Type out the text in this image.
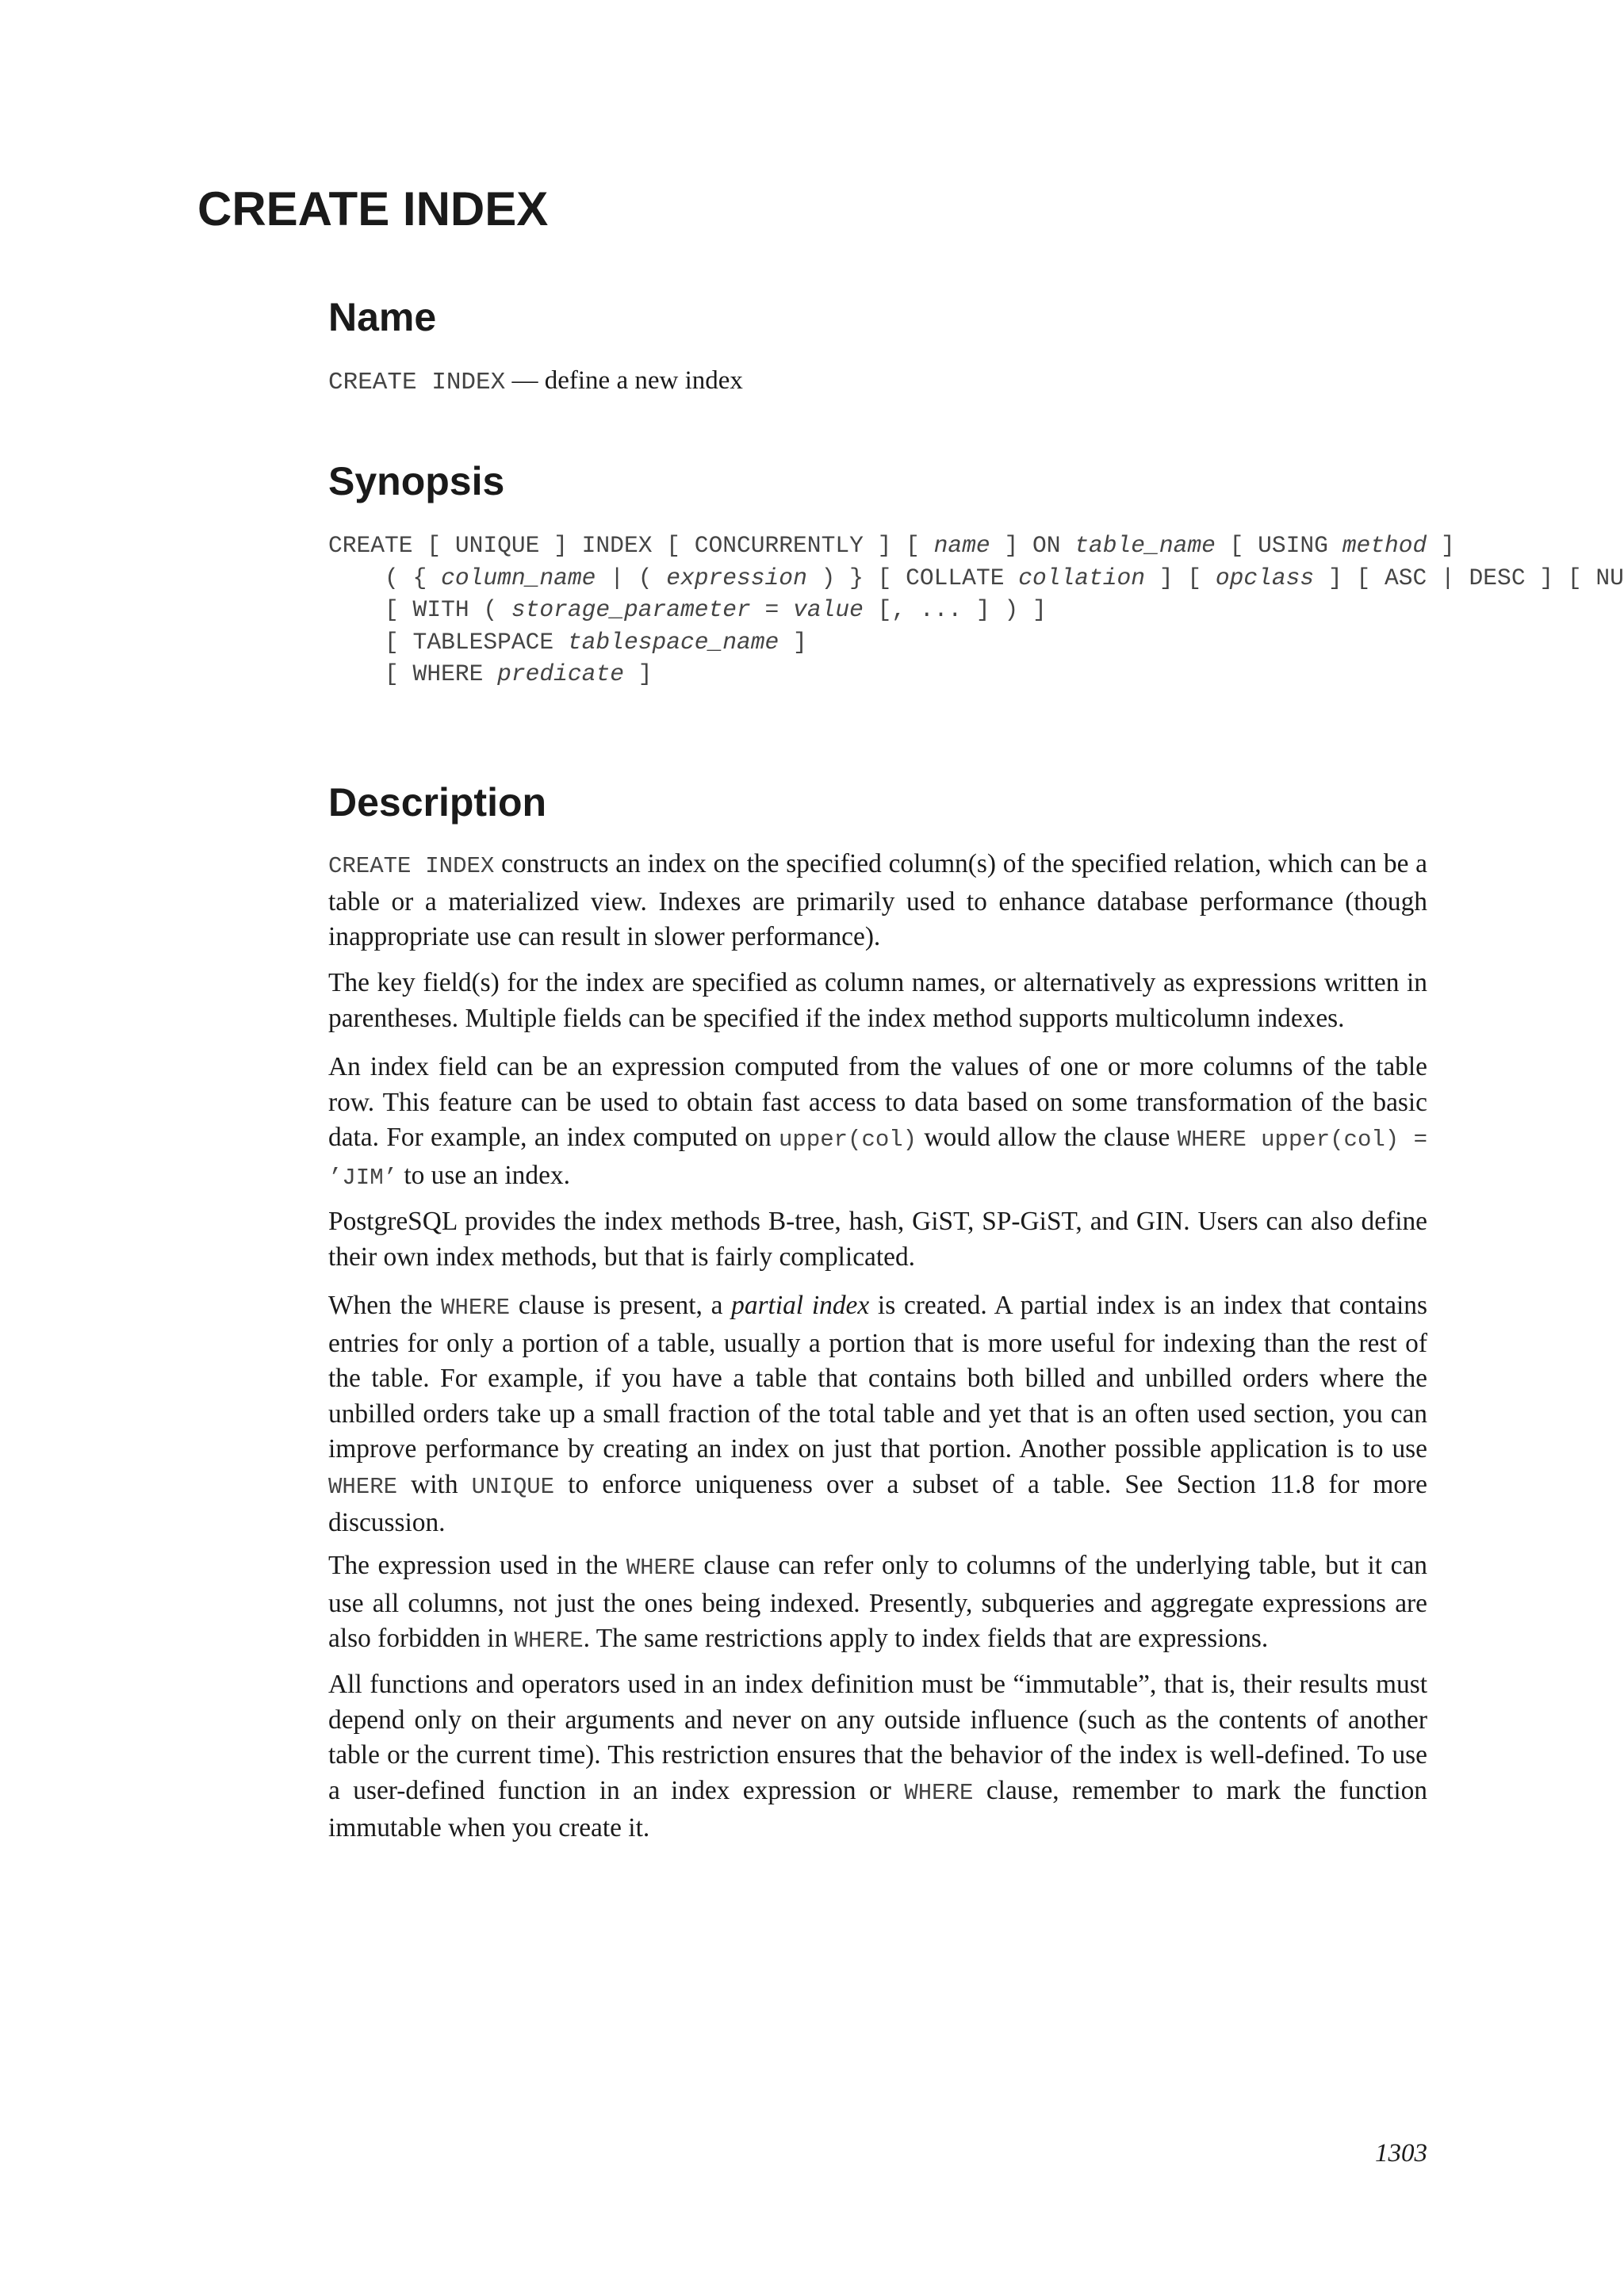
CREATE INDEX
Name
CREATE INDEX — define a new index
Synopsis
CREATE [ UNIQUE ] INDEX [ CONCURRENTLY ] [ name ] ON table_name [ USING method ]
( { column_name | ( expression ) } [ COLLATE collation ] [ opclass ] [ ASC | DESC ] [ NU
[ WITH ( storage_parameter = value [, ... ] ) ]
[ TABLESPACE tablespace_name ]
[ WHERE predicate ]
Description

CREATE INDEX constructs an index on the specified column(s) of the specified relation, which can be a table or a materialized view. Indexes are primarily used to enhance database performance (though inappropriate use can result in slower performance).

The key field(s) for the index are specified as column names, or alternatively as expressions written in parentheses. Multiple fields can be specified if the index method supports multicolumn indexes.

An index field can be an expression computed from the values of one or more columns of the table row. This feature can be used to obtain fast access to data based on some transformation of the basic data. For example, an index computed on upper(col) would allow the clause WHERE upper(col) = ’JIM’ to use an index.

PostgreSQL provides the index methods B-tree, hash, GiST, SP-GiST, and GIN. Users can also define their own index methods, but that is fairly complicated.

When the WHERE clause is present, a partial index is created. A partial index is an index that contains entries for only a portion of a table, usually a portion that is more useful for indexing than the rest of the table. For example, if you have a table that contains both billed and unbilled orders where the unbilled orders take up a small fraction of the total table and yet that is an often used section, you can improve performance by creating an index on just that portion. Another possible application is to use WHERE with UNIQUE to enforce uniqueness over a subset of a table. See Section 11.8 for more discussion.

The expression used in the WHERE clause can refer only to columns of the underlying table, but it can use all columns, not just the ones being indexed. Presently, subqueries and aggregate expressions are also forbidden in WHERE. The same restrictions apply to index fields that are expressions.

All functions and operators used in an index definition must be “immutable”, that is, their results must depend only on their arguments and never on any outside influence (such as the contents of another table or the current time). This restriction ensures that the behavior of the index is well-defined. To use a user-defined function in an index expression or WHERE clause, remember to mark the function immutable when you create it.

1303
